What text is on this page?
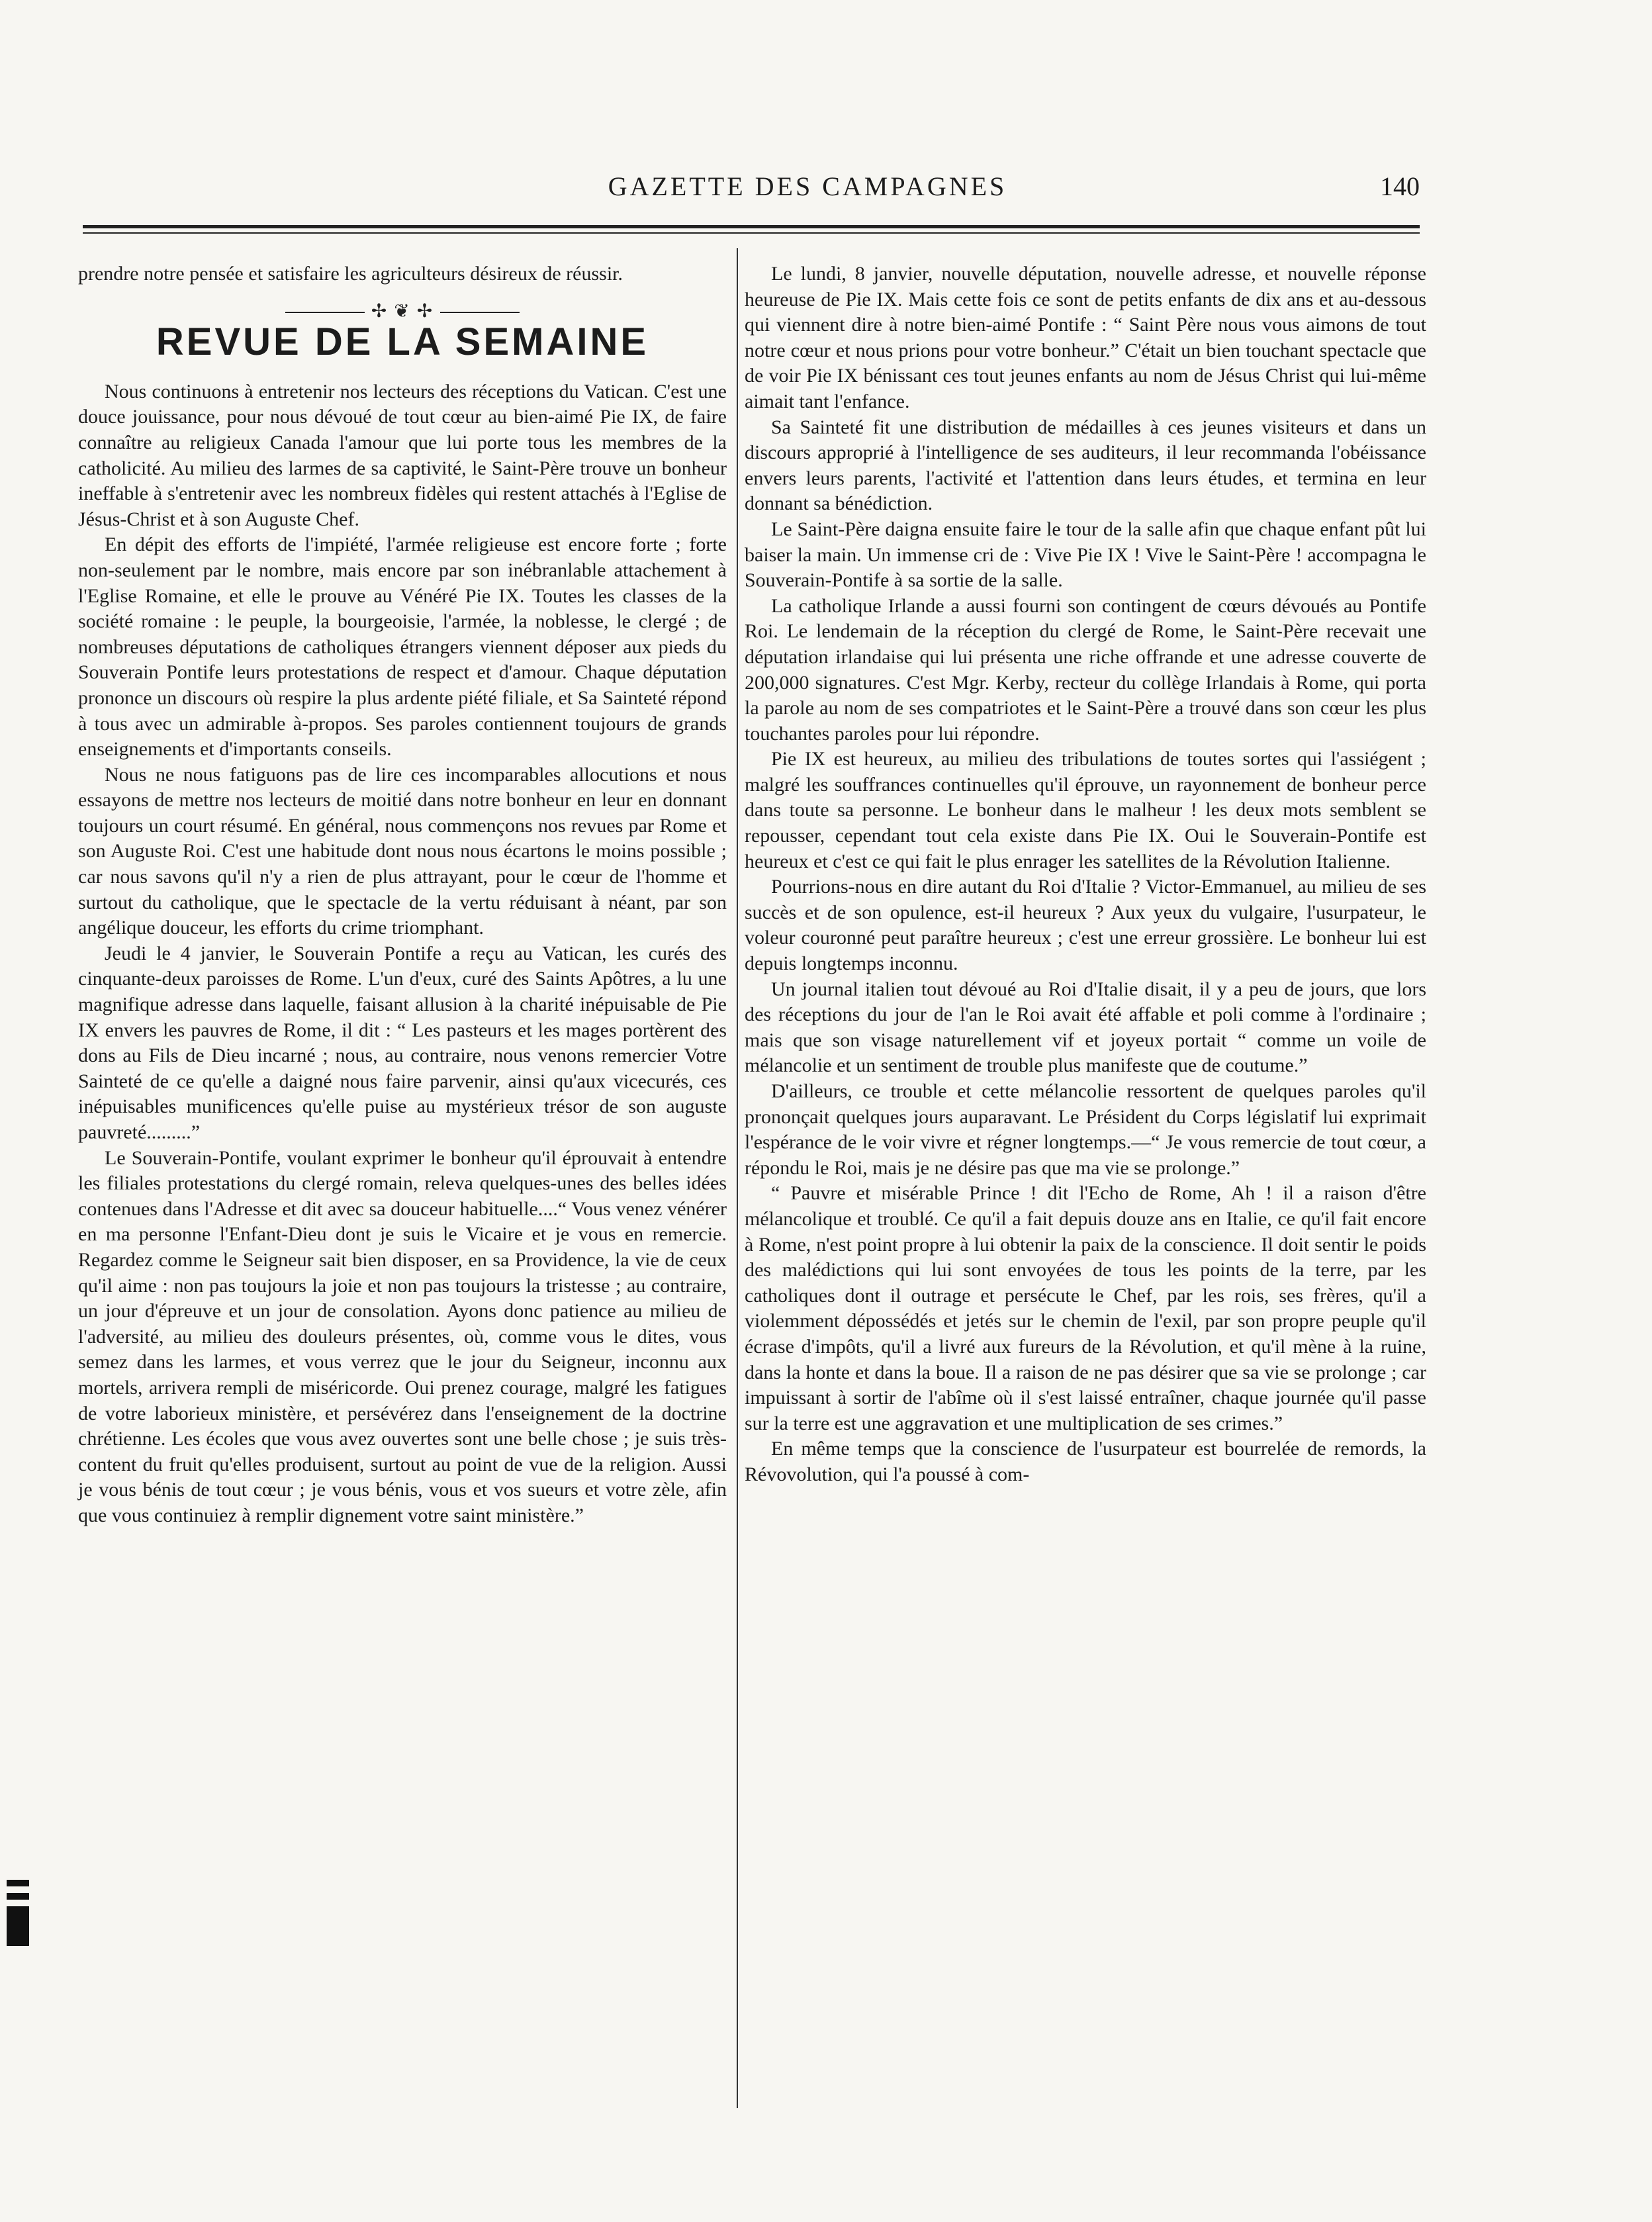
GAZETTE DES CAMPAGNES	140

prendre notre pensée et satisfaire les agriculteurs désireux de réussir.

✢ ❦ ✢
REVUE DE LA SEMAINE

Nous continuons à entretenir nos lecteurs des réceptions du Vatican. C'est une douce jouissance, pour nous dévoué de tout cœur au bien-aimé Pie IX, de faire connaître au religieux Canada l'amour que lui porte tous les membres de la catholicité. Au milieu des larmes de sa captivité, le Saint-Père trouve un bonheur ineffable à s'entretenir avec les nombreux fidèles qui restent attachés à l'Eglise de Jésus-Christ et à son Auguste Chef.

En dépit des efforts de l'impiété, l'armée religieuse est encore forte ; forte non-seulement par le nombre, mais encore par son inébranlable attachement à l'Eglise Romaine, et elle le prouve au Vénéré Pie IX. Toutes les classes de la société romaine : le peuple, la bourgeoisie, l'armée, la noblesse, le clergé ; de nombreuses députations de catholiques étrangers viennent déposer aux pieds du Souverain Pontife leurs protestations de respect et d'amour. Chaque députation prononce un discours où respire la plus ardente piété filiale, et Sa Sainteté répond à tous avec un admirable à-propos. Ses paroles contiennent toujours de grands enseignements et d'importants conseils.

Nous ne nous fatiguons pas de lire ces incomparables allocutions et nous essayons de mettre nos lecteurs de moitié dans notre bonheur en leur en donnant toujours un court résumé. En général, nous commençons nos revues par Rome et son Auguste Roi. C'est une habitude dont nous nous écartons le moins possible ; car nous savons qu'il n'y a rien de plus attrayant, pour le cœur de l'homme et surtout du catholique, que le spectacle de la vertu réduisant à néant, par son angélique douceur, les efforts du crime triomphant.

Jeudi le 4 janvier, le Souverain Pontife a reçu au Vatican, les curés des cinquante-deux paroisses de Rome. L'un d'eux, curé des Saints Apôtres, a lu une magnifique adresse dans laquelle, faisant allusion à la charité inépuisable de Pie IX envers les pauvres de Rome, il dit : “ Les pasteurs et les mages portèrent des dons au Fils de Dieu incarné ; nous, au contraire, nous venons remercier Votre Sainteté de ce qu'elle a daigné nous faire parvenir, ainsi qu'aux vicecurés, ces inépuisables munificences qu'elle puise au mystérieux trésor de son auguste pauvreté.........”

Le Souverain-Pontife, voulant exprimer le bonheur qu'il éprouvait à entendre les filiales protestations du clergé romain, releva quelques-unes des belles idées contenues dans l'Adresse et dit avec sa douceur habituelle....“ Vous venez vénérer en ma personne l'Enfant-Dieu dont je suis le Vicaire et je vous en remercie. Regardez comme le Seigneur sait bien disposer, en sa Providence, la vie de ceux qu'il aime : non pas toujours la joie et non pas toujours la tristesse ; au contraire, un jour d'épreuve et un jour de consolation. Ayons donc patience au milieu de l'adversité, au milieu des douleurs présentes, où, comme vous le dites, vous semez dans les larmes, et vous verrez que le jour du Seigneur, inconnu aux mortels, arrivera rempli de miséricorde. Oui prenez courage, malgré les fatigues de votre laborieux ministère, et persévérez dans l'enseignement de la doctrine chrétienne. Les écoles que vous avez ouvertes sont une belle chose ; je suis très-content du fruit qu'elles produisent, surtout au point de vue de la religion. Aussi je vous bénis de tout cœur ; je vous bénis, vous et vos sueurs et votre zèle, afin que vous continuiez à remplir dignement votre saint ministère.”

Le lundi, 8 janvier, nouvelle députation, nouvelle adresse, et nouvelle réponse heureuse de Pie IX. Mais cette fois ce sont de petits enfants de dix ans et au-dessous qui viennent dire à notre bien-aimé Pontife : “ Saint Père nous vous aimons de tout notre cœur et nous prions pour votre bonheur.” C'était un bien touchant spectacle que de voir Pie IX bénissant ces tout jeunes enfants au nom de Jésus Christ qui lui-même aimait tant l'enfance.

Sa Sainteté fit une distribution de médailles à ces jeunes visiteurs et dans un discours approprié à l'intelligence de ses auditeurs, il leur recommanda l'obéissance envers leurs parents, l'activité et l'attention dans leurs études, et termina en leur donnant sa bénédiction.

Le Saint-Père daigna ensuite faire le tour de la salle afin que chaque enfant pût lui baiser la main. Un immense cri de : Vive Pie IX ! Vive le Saint-Père ! accompagna le Souverain-Pontife à sa sortie de la salle.

La catholique Irlande a aussi fourni son contingent de cœurs dévoués au Pontife Roi. Le lendemain de la réception du clergé de Rome, le Saint-Père recevait une députation irlandaise qui lui présenta une riche offrande et une adresse couverte de 200,000 signatures. C'est Mgr. Kerby, recteur du collège Irlandais à Rome, qui porta la parole au nom de ses compatriotes et le Saint-Père a trouvé dans son cœur les plus touchantes paroles pour lui répondre.

Pie IX est heureux, au milieu des tribulations de toutes sortes qui l'assiégent ; malgré les souffrances continuelles qu'il éprouve, un rayonnement de bonheur perce dans toute sa personne. Le bonheur dans le malheur ! les deux mots semblent se repousser, cependant tout cela existe dans Pie IX. Oui le Souverain-Pontife est heureux et c'est ce qui fait le plus enrager les satellites de la Révolution Italienne.

Pourrions-nous en dire autant du Roi d'Italie ? Victor-Emmanuel, au milieu de ses succès et de son opulence, est-il heureux ? Aux yeux du vulgaire, l'usurpateur, le voleur couronné peut paraître heureux ; c'est une erreur grossière. Le bonheur lui est depuis longtemps inconnu.

Un journal italien tout dévoué au Roi d'Italie disait, il y a peu de jours, que lors des réceptions du jour de l'an le Roi avait été affable et poli comme à l'ordinaire ; mais que son visage naturellement vif et joyeux portait “ comme un voile de mélancolie et un sentiment de trouble plus manifeste que de coutume.”

D'ailleurs, ce trouble et cette mélancolie ressortent de quelques paroles qu'il prononçait quelques jours auparavant. Le Président du Corps législatif lui exprimait l'espérance de le voir vivre et régner longtemps.—“ Je vous remercie de tout cœur, a répondu le Roi, mais je ne désire pas que ma vie se prolonge.”

“ Pauvre et misérable Prince ! dit l'Echo de Rome, Ah ! il a raison d'être mélancolique et troublé. Ce qu'il a fait depuis douze ans en Italie, ce qu'il fait encore à Rome, n'est point propre à lui obtenir la paix de la conscience. Il doit sentir le poids des malédictions qui lui sont envoyées de tous les points de la terre, par les catholiques dont il outrage et persécute le Chef, par les rois, ses frères, qu'il a violemment dépossédés et jetés sur le chemin de l'exil, par son propre peuple qu'il écrase d'impôts, qu'il a livré aux fureurs de la Révolution, et qu'il mène à la ruine, dans la honte et dans la boue. Il a raison de ne pas désirer que sa vie se prolonge ; car impuissant à sortir de l'abîme où il s'est laissé entraîner, chaque journée qu'il passe sur la terre est une aggravation et une multiplication de ses crimes.”

En même temps que la conscience de l'usurpateur est bourrelée de remords, la Révovolution, qui l'a poussé à com-
